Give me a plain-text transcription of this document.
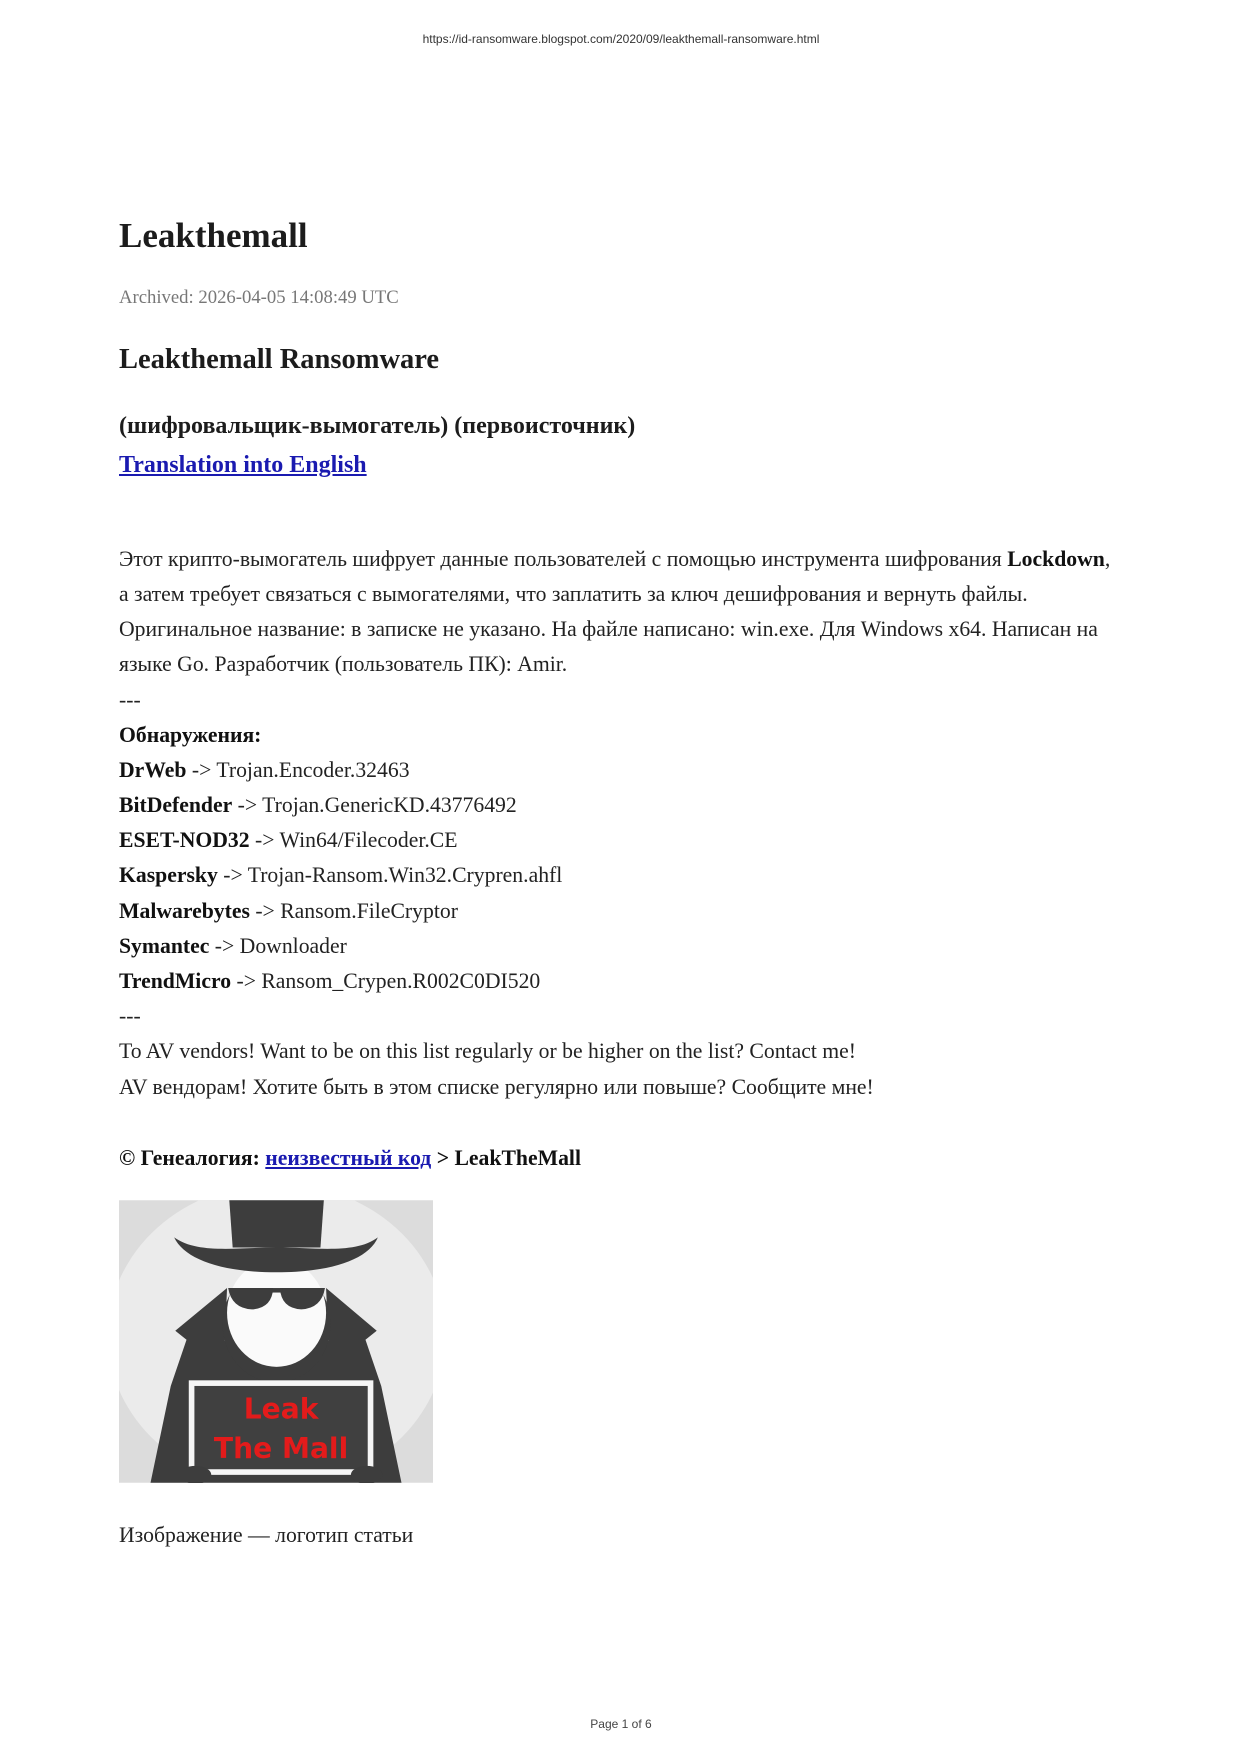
https://id-ransomware.blogspot.com/2020/09/leakthemall-ransomware.html
Leakthemall
Archived: 2026-04-05 14:08:49 UTC
Leakthemall Ransomware
(шифровальщик-вымогатель) (первоисточник)
Translation into English
Этот крипто-вымогатель шифрует данные пользователей с помощью инструмента шифрования Lockdown,
а затем требует связаться с вымогателями, что заплатить за ключ дешифрования и вернуть файлы.
Оригинальное название: в записке не указано. На файле написано: win.exe. Для Windows x64. Написан на
языке Go. Разработчик (пользователь ПК): Amir.
---
Обнаружения:
DrWeb -> Trojan.Encoder.32463
BitDefender -> Trojan.GenericKD.43776492
ESET-NOD32 -> Win64/Filecoder.CE
Kaspersky -> Trojan-Ransom.Win32.Crypren.ahfl
Malwarebytes -> Ransom.FileCryptor
Symantec -> Downloader
TrendMicro -> Ransom_Crypen.R002C0DI520
---
To AV vendors! Want to be on this list regularly or be higher on the list? Contact me!
AV вендорам! Хотите быть в этом списке регулярно или повыше? Сообщите мне!
© Генеалогия: неизвестный код > LeakTheMall
Leak
The Mall
Изображение — логотип статьи
Page 1 of 6
